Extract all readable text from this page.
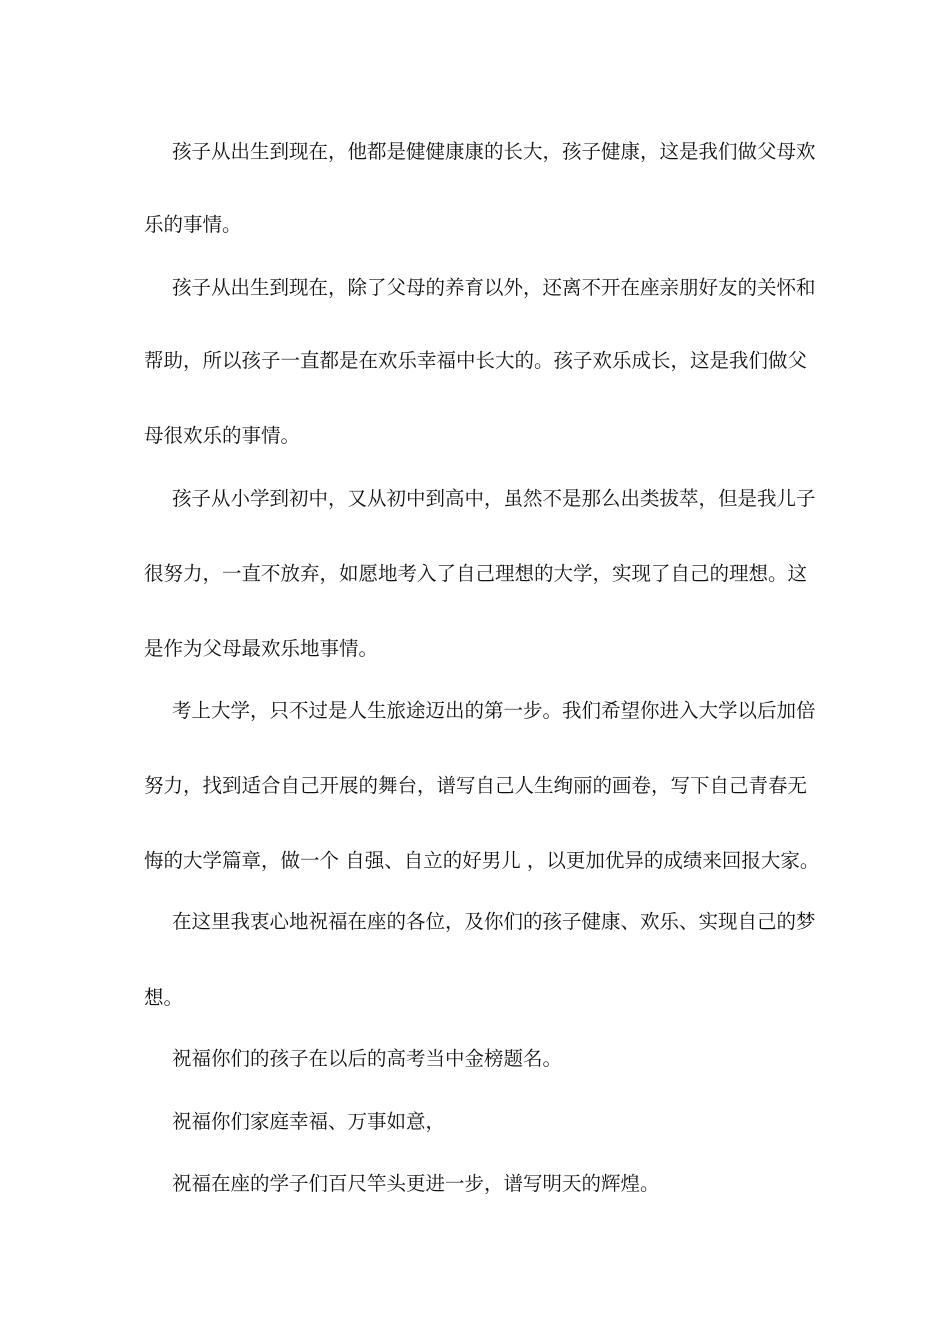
孩子从出生到现在，他都是健健康康的长大，孩子健康，这是我们做父母欢
乐的事情。
孩子从出生到现在，除了父母的养育以外，还离不开在座亲朋好友的关怀和
帮助，所以孩子一直都是在欢乐幸福中长大的。孩子欢乐成长，这是我们做父
母很欢乐的事情。
孩子从小学到初中，又从初中到高中，虽然不是那么出类拔萃，但是我儿子
很努力，一直不放弃，如愿地考入了自己理想的大学，实现了自己的理想。这
是作为父母最欢乐地事情。
考上大学，只不过是人生旅途迈出的第一步。我们希望你进入大学以后加倍
努力，找到适合自己开展的舞台，谱写自己人生绚丽的画卷，写下自己青春无
悔的大学篇章，做一个 自强、自立的好男儿 ，以更加优异的成绩来回报大家。
在这里我衷心地祝福在座的各位，及你们的孩子健康、欢乐、实现自己的梦
想。
祝福你们的孩子在以后的高考当中金榜题名。
祝福你们家庭幸福、万事如意，
祝福在座的学子们百尺竿头更进一步，谱写明天的辉煌。
